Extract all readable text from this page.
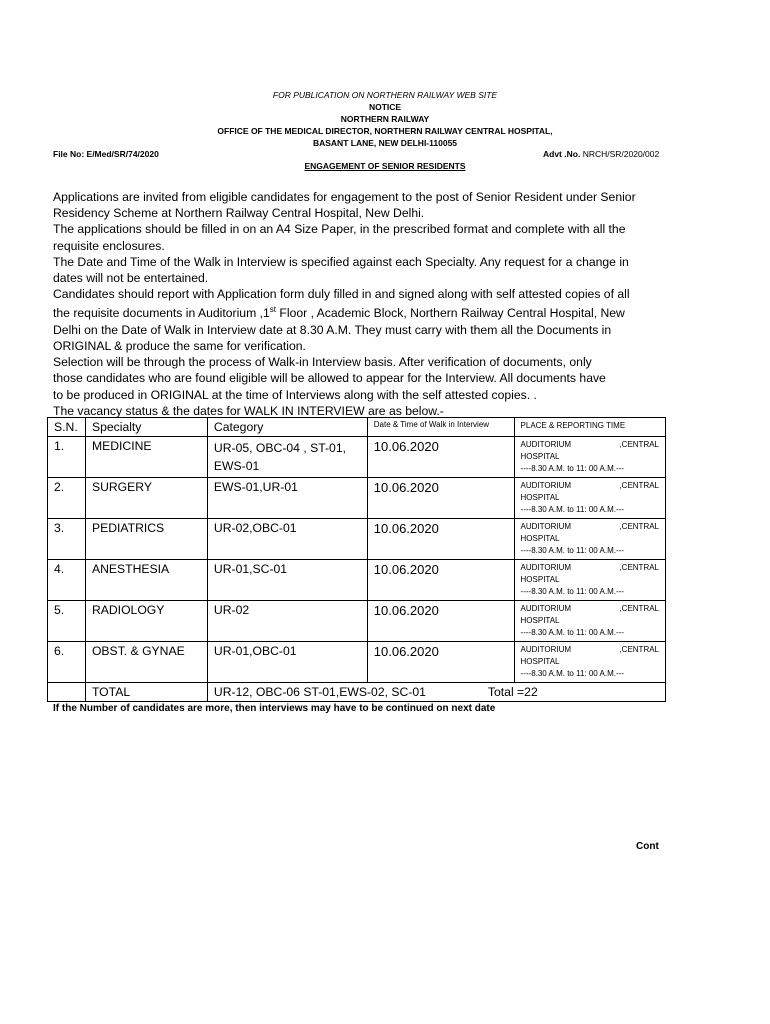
FOR PUBLICATION ON NORTHERN RAILWAY WEB SITE
NOTICE
NORTHERN RAILWAY
OFFICE OF THE MEDICAL DIRECTOR, NORTHERN RAILWAY CENTRAL HOSPITAL,
BASANT LANE, NEW DELHI-110055
File No: E/Med/SR/74/2020	Advt .No. NRCH/SR/2020/002
ENGAGEMENT OF SENIOR RESIDENTS

Applications are invited from eligible candidates for engagement to the post of Senior Resident under Senior

Residency Scheme at Northern Railway Central Hospital, New Delhi.

The applications should be filled in on an A4 Size Paper, in the prescribed format and complete with all the

requisite enclosures.

The Date and Time of the Walk in Interview is specified against each Specialty. Any request for a change in

dates will not be entertained.

Candidates should report with Application form duly filled in and signed along with self attested copies of all

the requisite documents in Auditorium ,1st Floor , Academic Block, Northern Railway Central Hospital, New

Delhi on the Date of Walk in Interview date at 8.30 A.M. They must carry with them all the Documents in

ORIGINAL & produce the same for verification.

Selection will be through the process of Walk-in Interview basis. After verification of documents, only

those candidates who are found eligible will be allowed to appear for the Interview. All documents have

to be produced in ORIGINAL at the time of Interviews along with the self attested copies. .

The vacancy status & the dates for WALK IN INTERVIEW are as below.-

S.N.	Specialty	Category	Date & Time of Walk in Interview	PLACE & REPORTING TIME

1.	MEDICINE	UR-05, OBC-04 , ST-01, EWS-01	10.06.2020	AUDITORIUM ,CENTRAL
HOSPITAL
----8.30 A.M. to 11: 00 A.M.---

2.	SURGERY	EWS-01,UR-01	10.06.2020	AUDITORIUM ,CENTRAL
HOSPITAL
----8.30 A.M. to 11: 00 A.M.---

3.	PEDIATRICS	UR-02,OBC-01	10.06.2020	AUDITORIUM ,CENTRAL
HOSPITAL
----8.30 A.M. to 11: 00 A.M.---

4.	ANESTHESIA	UR-01,SC-01	10.06.2020	AUDITORIUM ,CENTRAL
HOSPITAL
----8.30 A.M. to 11: 00 A.M.---

5.	RADIOLOGY	UR-02	10.06.2020	AUDITORIUM ,CENTRAL
HOSPITAL
----8.30 A.M. to 11: 00 A.M.---

6.	OBST. & GYNAE	UR-01,OBC-01	10.06.2020	AUDITORIUM ,CENTRAL
HOSPITAL
----8.30 A.M. to 11: 00 A.M.---

	TOTAL	UR-12, OBC-06 ST-01,EWS-02, SC-01 Total =22		
If the Number of candidates are more, then interviews may have to be continued on next date
Cont
